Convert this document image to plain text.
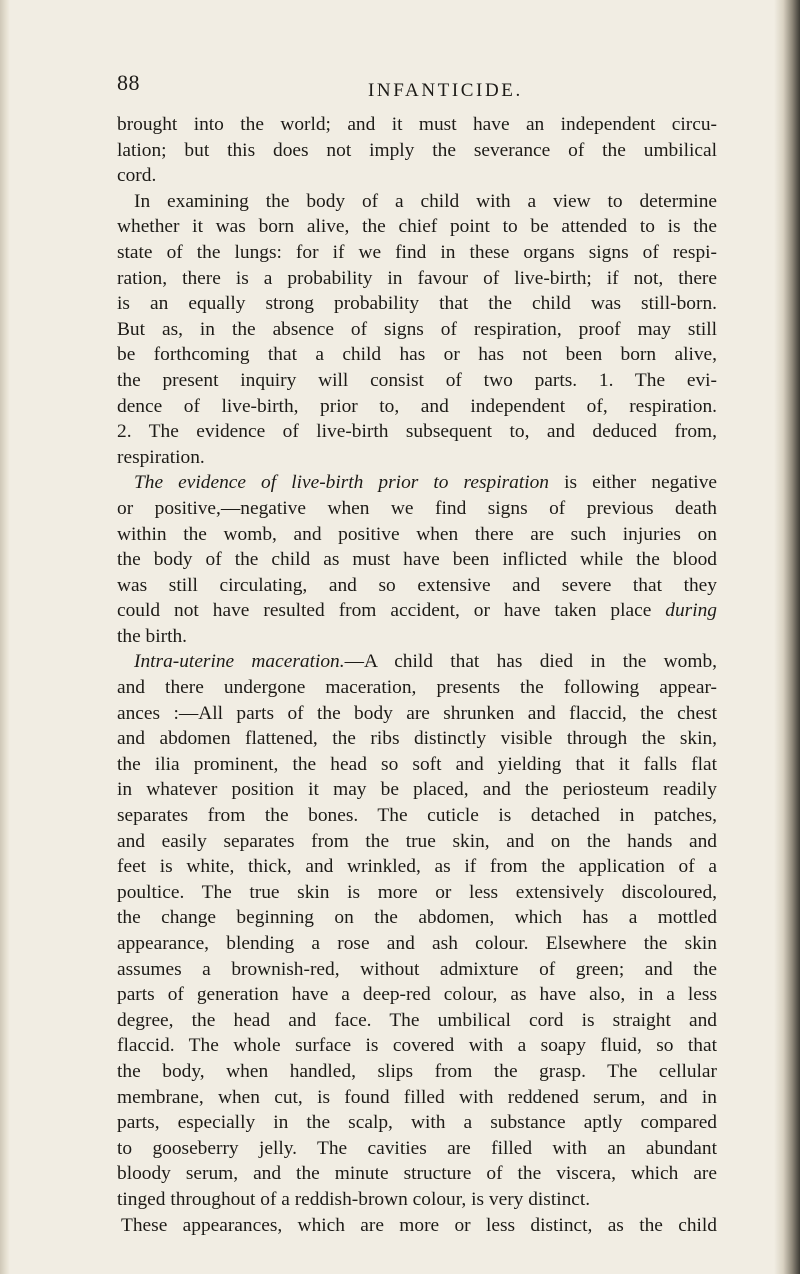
88	INFANTICIDE.
brought into the world; and it must have an independent circu-
lation; but this does not imply the severance of the umbilical
cord.
In examining the body of a child with a view to determine
whether it was born alive, the chief point to be attended to is the
state of the lungs: for if we find in these organs signs of respi-
ration, there is a probability in favour of live-birth; if not, there
is an equally strong probability that the child was still-born.
But as, in the absence of signs of respiration, proof may still
be forthcoming that a child has or has not been born alive,
the present inquiry will consist of two parts. 1. The evi-
dence of live-birth, prior to, and independent of, respiration.
2. The evidence of live-birth subsequent to, and deduced from,
respiration.
The evidence of live-birth prior to respiration is either negative
or positive,—negative when we find signs of previous death
within the womb, and positive when there are such injuries on
the body of the child as must have been inflicted while the blood
was still circulating, and so extensive and severe that they
could not have resulted from accident, or have taken place during
the birth.
Intra-uterine maceration.—A child that has died in the womb,
and there undergone maceration, presents the following appear-
ances :—All parts of the body are shrunken and flaccid, the chest
and abdomen flattened, the ribs distinctly visible through the skin,
the ilia prominent, the head so soft and yielding that it falls flat
in whatever position it may be placed, and the periosteum readily
separates from the bones. The cuticle is detached in patches,
and easily separates from the true skin, and on the hands and
feet is white, thick, and wrinkled, as if from the application of a
poultice. The true skin is more or less extensively discoloured,
the change beginning on the abdomen, which has a mottled
appearance, blending a rose and ash colour. Elsewhere the skin
assumes a brownish-red, without admixture of green; and the
parts of generation have a deep-red colour, as have also, in a less
degree, the head and face. The umbilical cord is straight and
flaccid. The whole surface is covered with a soapy fluid, so that
the body, when handled, slips from the grasp. The cellular
membrane, when cut, is found filled with reddened serum, and in
parts, especially in the scalp, with a substance aptly compared
to gooseberry jelly. The cavities are filled with an abundant
bloody serum, and the minute structure of the viscera, which are
tinged throughout of a reddish-brown colour, is very distinct.
These appearances, which are more or less distinct, as the child
